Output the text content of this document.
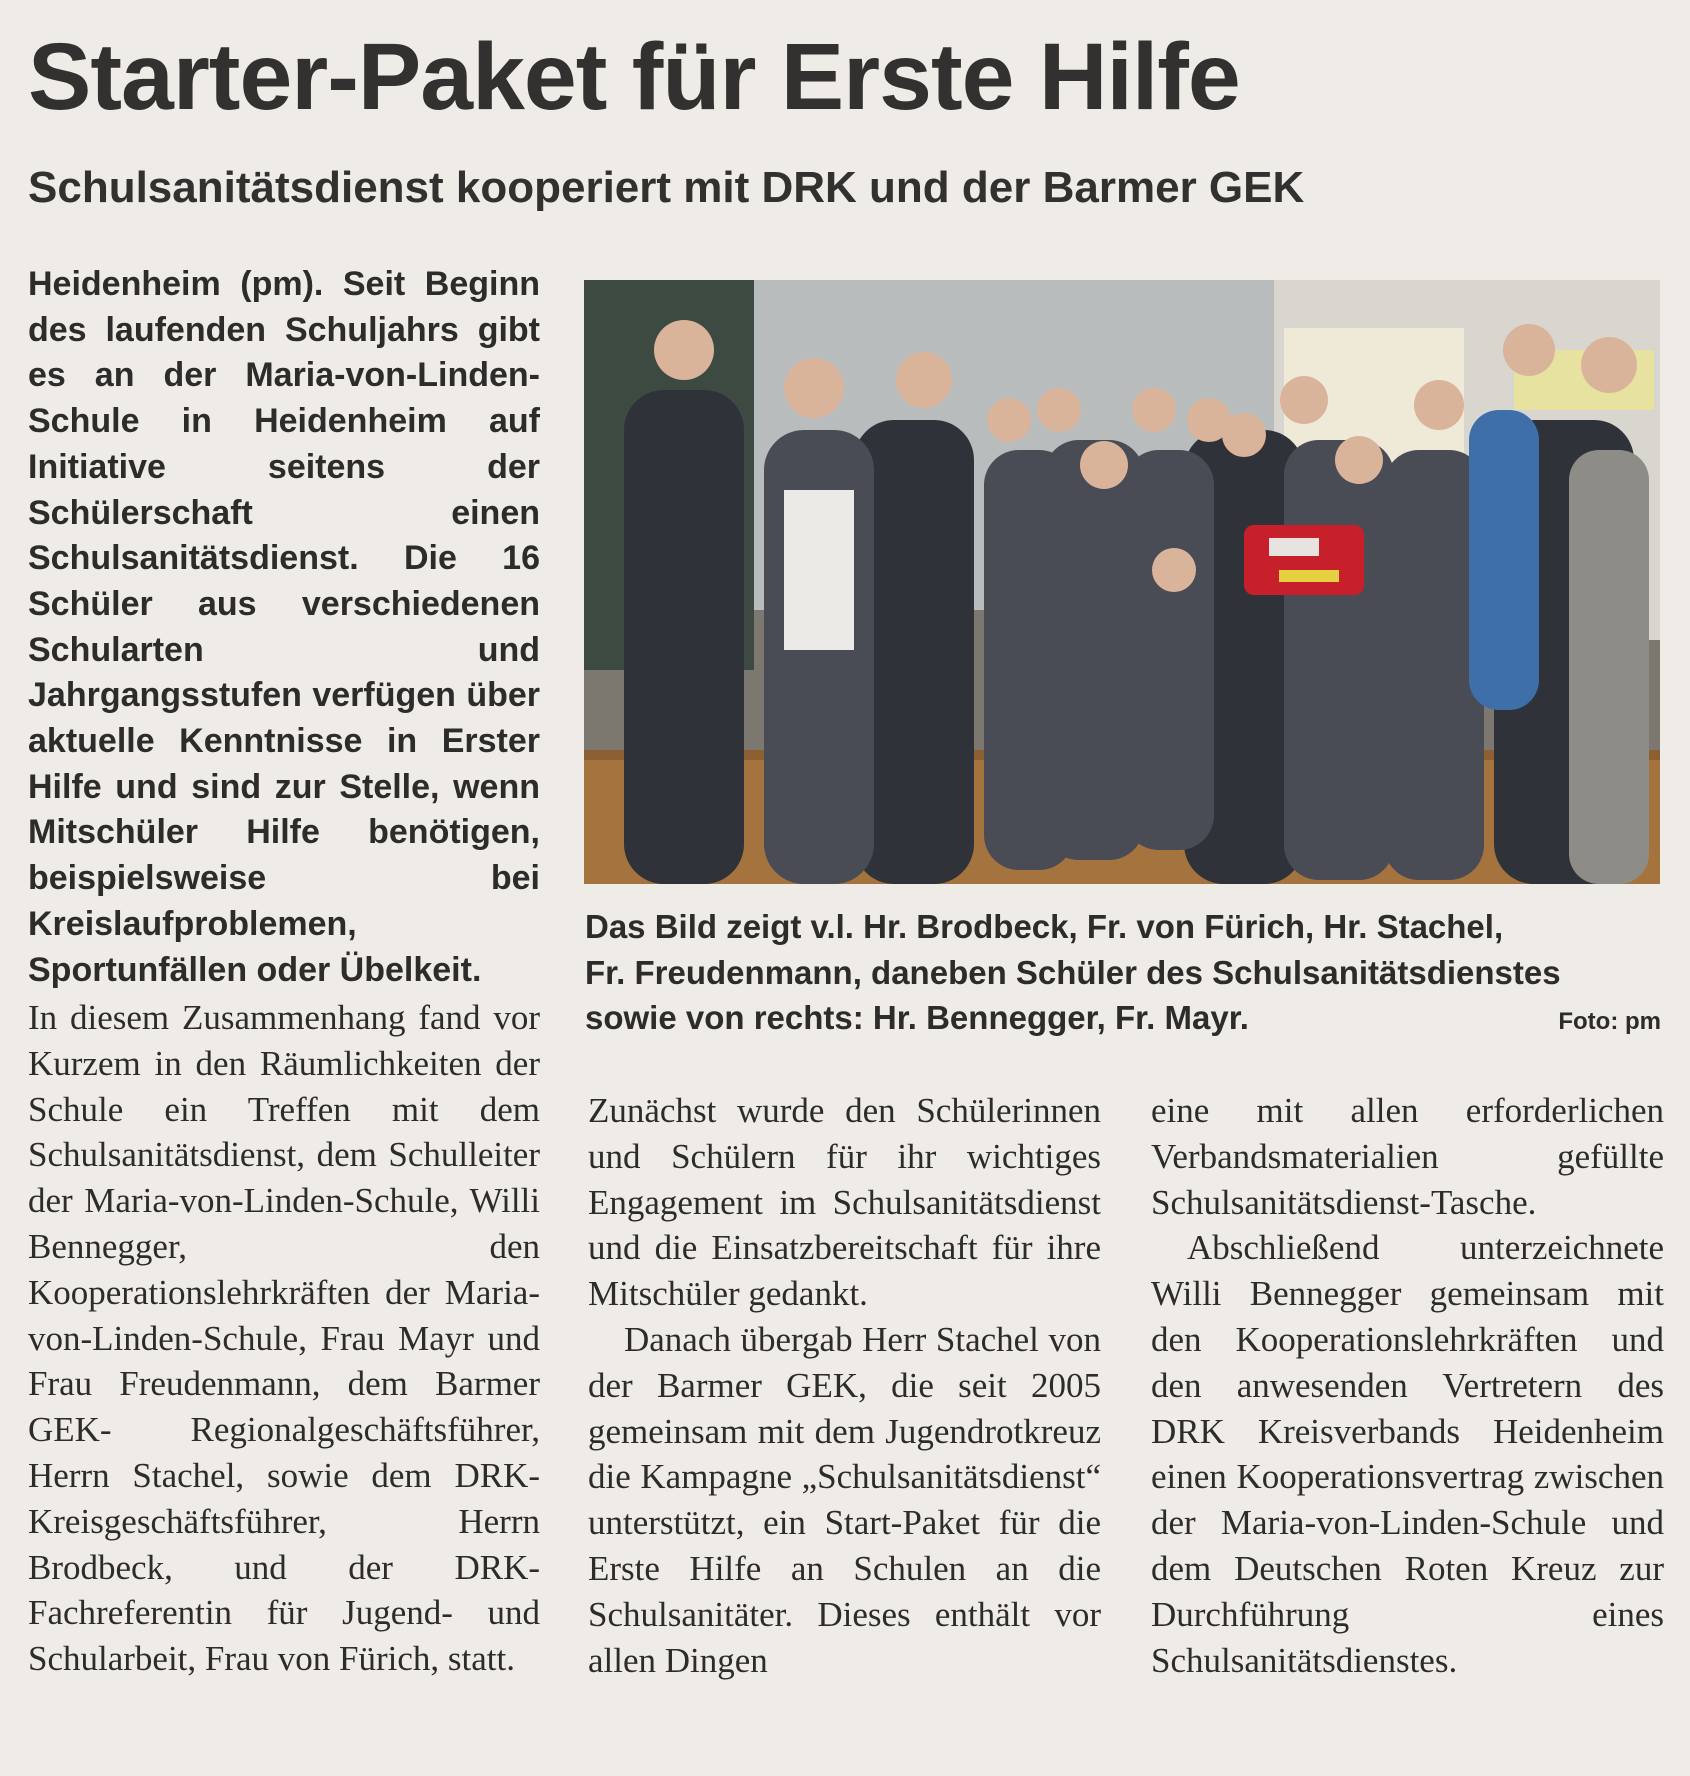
Starter-Paket für Erste Hilfe
Schulsanitätsdienst kooperiert mit DRK und der Barmer GEK

Heidenheim (pm). Seit Beginn des laufenden Schuljahrs gibt es an der Maria-von-Linden-Schule in Heidenheim auf Initiative seitens der Schülerschaft einen Schulsanitätsdienst. Die 16 Schüler aus verschiedenen Schularten und Jahrgangsstufen verfügen über aktuelle Kenntnisse in Erster Hilfe und sind zur Stelle, wenn Mitschüler Hilfe benötigen, beispielsweise bei Kreislaufproblemen, Sportunfällen oder Übelkeit.

Das Bild zeigt v.l. Hr. Brodbeck, Fr. von Fürich, Hr. Stachel,
Fr. Freudenmann, daneben Schüler des Schulsanitätsdienstes
sowie von rechts: Hr. Bennegger, Fr. Mayr.	Foto: pm

In diesem Zusammenhang fand vor Kurzem in den Räumlichkeiten der Schule ein Treffen mit dem Schulsanitätsdienst, dem Schulleiter der Maria-von-Linden-Schule, Willi Bennegger, den Kooperationslehrkräften der Maria-von-Linden-Schule, Frau Mayr und Frau Freudenmann, dem Barmer GEK- Regionalgeschäftsführer, Herrn Stachel, sowie dem DRK-Kreisgeschäftsführer, Herrn Brodbeck, und der DRK-Fachreferentin für Jugend- und Schularbeit, Frau von Fürich, statt.

Zunächst wurde den Schülerinnen und Schülern für ihr wichtiges Engagement im Schulsanitätsdienst und die Einsatzbereitschaft für ihre Mitschüler gedankt.

Danach übergab Herr Stachel von der Barmer GEK, die seit 2005 gemeinsam mit dem Jugendrotkreuz die Kampagne „Schulsanitätsdienst“ unterstützt, ein Start-Paket für die Erste Hilfe an Schulen an die Schulsanitäter. Dieses enthält vor allen Dingen

eine mit allen erforderlichen Verbandsmaterialien gefüllte Schulsanitätsdienst-Tasche.

Abschließend unterzeichnete Willi Bennegger gemeinsam mit den Kooperationslehrkräften und den anwesenden Vertretern des DRK Kreisverbands Heidenheim einen Kooperationsvertrag zwischen der Maria-von-Linden-Schule und dem Deutschen Roten Kreuz zur Durchführung eines Schulsanitätsdienstes.
